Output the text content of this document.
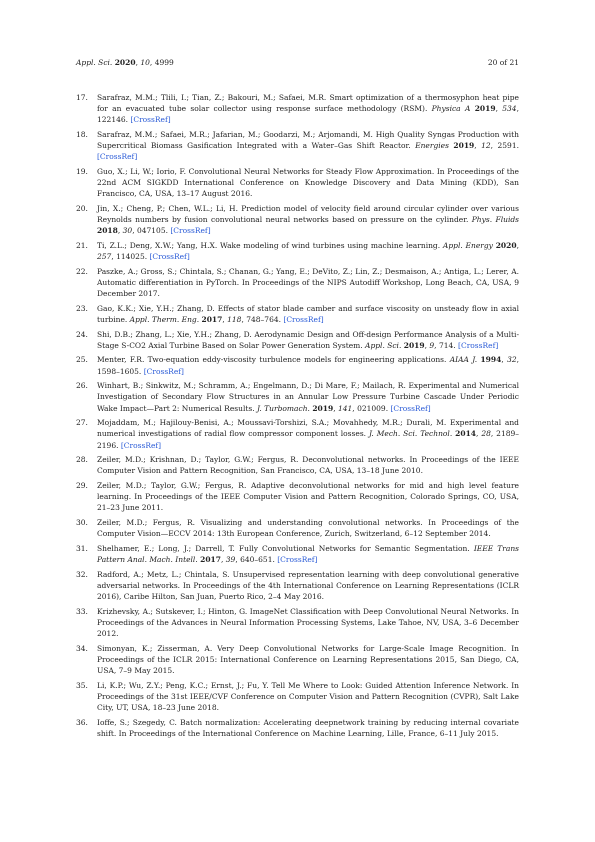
Appl. Sci. 2020, 10, 4999	20 of 21
17.	Sarafraz, M.M.; Tlili, I.; Tian, Z.; Bakouri, M.; Safaei, M.R. Smart optimization of a thermosyphon heat pipe for an evacuated tube solar collector using response surface methodology (RSM). Physica A 2019, 534, 122146. [CrossRef]
18.	Sarafraz, M.M.; Safaei, M.R.; Jafarian, M.; Goodarzi, M.; Arjomandi, M. High Quality Syngas Production with Supercritical Biomass Gasification Integrated with a Water–Gas Shift Reactor. Energies 2019, 12, 2591. [CrossRef]
19.	Guo, X.; Li, W.; Iorio, F. Convolutional Neural Networks for Steady Flow Approximation. In Proceedings of the 22nd ACM SIGKDD International Conference on Knowledge Discovery and Data Mining (KDD), San Francisco, CA, USA, 13–17 August 2016.
20.	Jin, X.; Cheng, P.; Chen, W.L.; Li, H. Prediction model of velocity field around circular cylinder over various Reynolds numbers by fusion convolutional neural networks based on pressure on the cylinder. Phys. Fluids 2018, 30, 047105. [CrossRef]
21.	Ti, Z.L.; Deng, X.W.; Yang, H.X. Wake modeling of wind turbines using machine learning. Appl. Energy 2020, 257, 114025. [CrossRef]
22.	Paszke, A.; Gross, S.; Chintala, S.; Chanan, G.; Yang, E.; DeVito, Z.; Lin, Z.; Desmaison, A.; Antiga, L.; Lerer, A. Automatic differentiation in PyTorch. In Proceedings of the NIPS Autodiff Workshop, Long Beach, CA, USA, 9 December 2017.
23.	Gao, K.K.; Xie, Y.H.; Zhang, D. Effects of stator blade camber and surface viscosity on unsteady flow in axial turbine. Appl. Therm. Eng. 2017, 118, 748–764. [CrossRef]
24.	Shi, D.B.; Zhang, L.; Xie, Y.H.; Zhang, D. Aerodynamic Design and Off-design Performance Analysis of a Multi-Stage S-CO2 Axial Turbine Based on Solar Power Generation System. Appl. Sci. 2019, 9, 714. [CrossRef]
25.	Menter, F.R. Two-equation eddy-viscosity turbulence models for engineering applications. AIAA J. 1994, 32, 1598–1605. [CrossRef]
26.	Winhart, B.; Sinkwitz, M.; Schramm, A.; Engelmann, D.; Di Mare, F.; Mailach, R. Experimental and Numerical Investigation of Secondary Flow Structures in an Annular Low Pressure Turbine Cascade Under Periodic Wake Impact—Part 2: Numerical Results. J. Turbomach. 2019, 141, 021009. [CrossRef]
27.	Mojaddam, M.; Hajilouy-Benisi, A.; Moussavi-Torshizi, S.A.; Movahhedy, M.R.; Durali, M. Experimental and numerical investigations of radial flow compressor component losses. J. Mech. Sci. Technol. 2014, 28, 2189–2196. [CrossRef]
28.	Zeiler, M.D.; Krishnan, D.; Taylor, G.W.; Fergus, R. Deconvolutional networks. In Proceedings of the IEEE Computer Vision and Pattern Recognition, San Francisco, CA, USA, 13–18 June 2010.
29.	Zeiler, M.D.; Taylor, G.W.; Fergus, R. Adaptive deconvolutional networks for mid and high level feature learning. In Proceedings of the IEEE Computer Vision and Pattern Recognition, Colorado Springs, CO, USA, 21–23 June 2011.
30.	Zeiler, M.D.; Fergus, R. Visualizing and understanding convolutional networks. In Proceedings of the Computer Vision—ECCV 2014: 13th European Conference, Zurich, Switzerland, 6–12 September 2014.
31.	Shelhamer, E.; Long, J.; Darrell, T. Fully Convolutional Networks for Semantic Segmentation. IEEE Trans Pattern Anal. Mach. Intell. 2017, 39, 640–651. [CrossRef]
32.	Radford, A.; Metz, L.; Chintala, S. Unsupervised representation learning with deep convolutional generative adversarial networks. In Proceedings of the 4th International Conference on Learning Representations (ICLR 2016), Caribe Hilton, San Juan, Puerto Rico, 2–4 May 2016.
33.	Krizhevsky, A.; Sutskever, I.; Hinton, G. ImageNet Classification with Deep Convolutional Neural Networks. In Proceedings of the Advances in Neural Information Processing Systems, Lake Tahoe, NV, USA, 3–6 December 2012.
34.	Simonyan, K.; Zisserman, A. Very Deep Convolutional Networks for Large-Scale Image Recognition. In Proceedings of the ICLR 2015: International Conference on Learning Representations 2015, San Diego, CA, USA, 7–9 May 2015.
35.	Li, K.P.; Wu, Z.Y.; Peng, K.C.; Ernst, J.; Fu, Y. Tell Me Where to Look: Guided Attention Inference Network. In Proceedings of the 31st IEEE/CVF Conference on Computer Vision and Pattern Recognition (CVPR), Salt Lake City, UT, USA, 18–23 June 2018.
36.	Ioffe, S.; Szegedy, C. Batch normalization: Accelerating deepnetwork training by reducing internal covariate shift. In Proceedings of the International Conference on Machine Learning, Lille, France, 6–11 July 2015.
